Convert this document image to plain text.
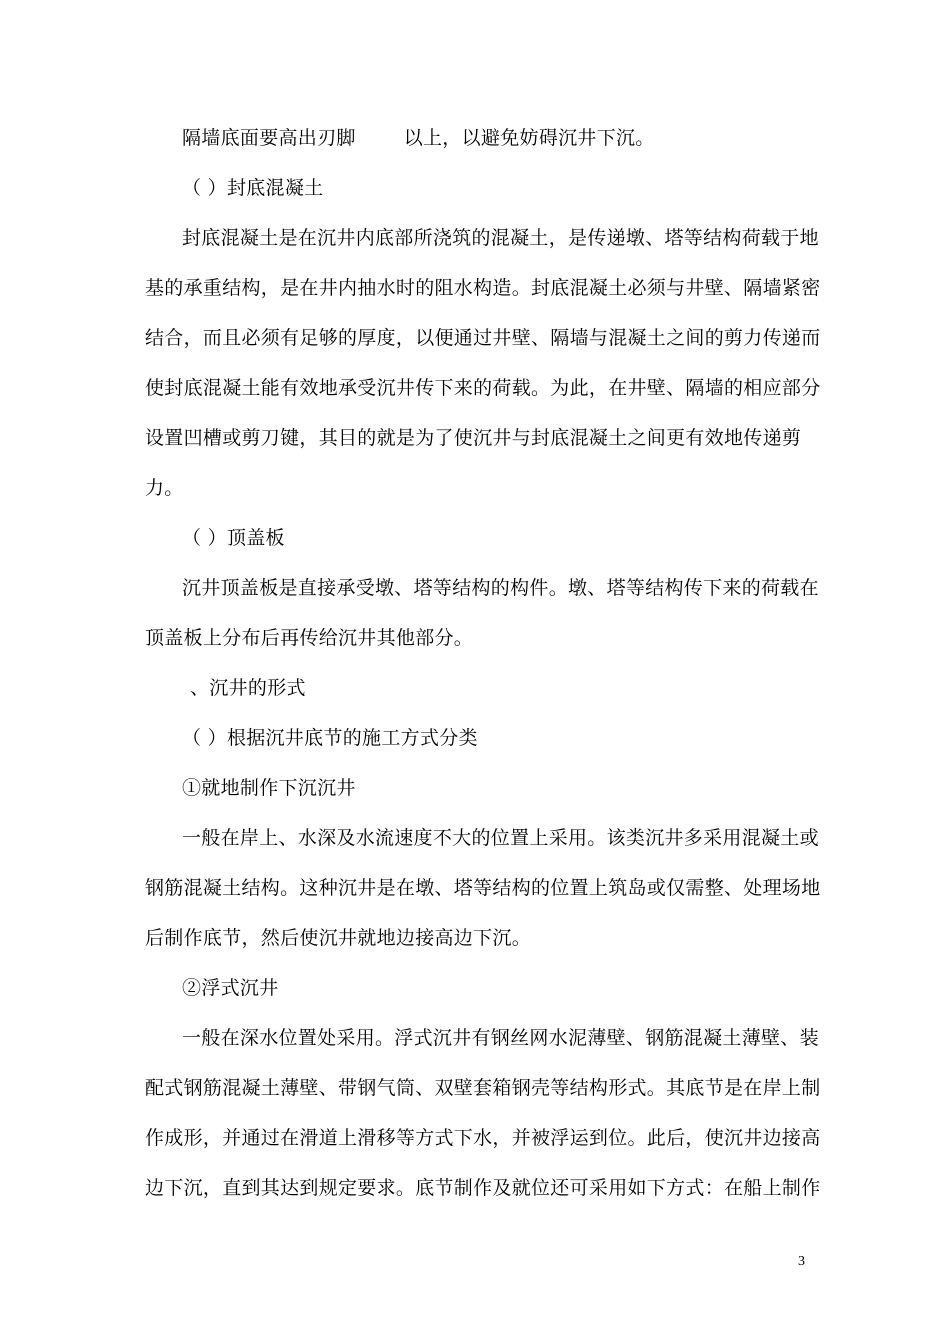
隔墙底面要高出刃脚	以上，以避免妨碍沉井下沉。
（ ）封底混凝土
封底混凝土是在沉井内底部所浇筑的混凝土，是传递墩、塔等结构荷载于地
基的承重结构，是在井内抽水时的阻水构造。封底混凝土必须与井壁、隔墙紧密
结合，而且必须有足够的厚度，以便通过井壁、隔墙与混凝土之间的剪力传递而
使封底混凝土能有效地承受沉井传下来的荷载。为此，在井壁、隔墙的相应部分
设置凹槽或剪刀键，其目的就是为了使沉井与封底混凝土之间更有效地传递剪
力。
（ ）顶盖板
沉井顶盖板是直接承受墩、塔等结构的构件。墩、塔等结构传下来的荷载在
顶盖板上分布后再传给沉井其他部分。
、沉井的形式
（ ）根据沉井底节的施工方式分类
①就地制作下沉沉井
一般在岸上、水深及水流速度不大的位置上采用。该类沉井多采用混凝土或
钢筋混凝土结构。这种沉井是在墩、塔等结构的位置上筑岛或仅需整、处理场地
后制作底节，然后使沉井就地边接高边下沉。
②浮式沉井
一般在深水位置处采用。浮式沉井有钢丝网水泥薄壁、钢筋混凝土薄壁、装
配式钢筋混凝土薄壁、带钢气筒、双壁套箱钢壳等结构形式。其底节是在岸上制
作成形，并通过在滑道上滑移等方式下水，并被浮运到位。此后，使沉井边接高
边下沉，直到其达到规定要求。底节制作及就位还可采用如下方式：在船上制作
3
